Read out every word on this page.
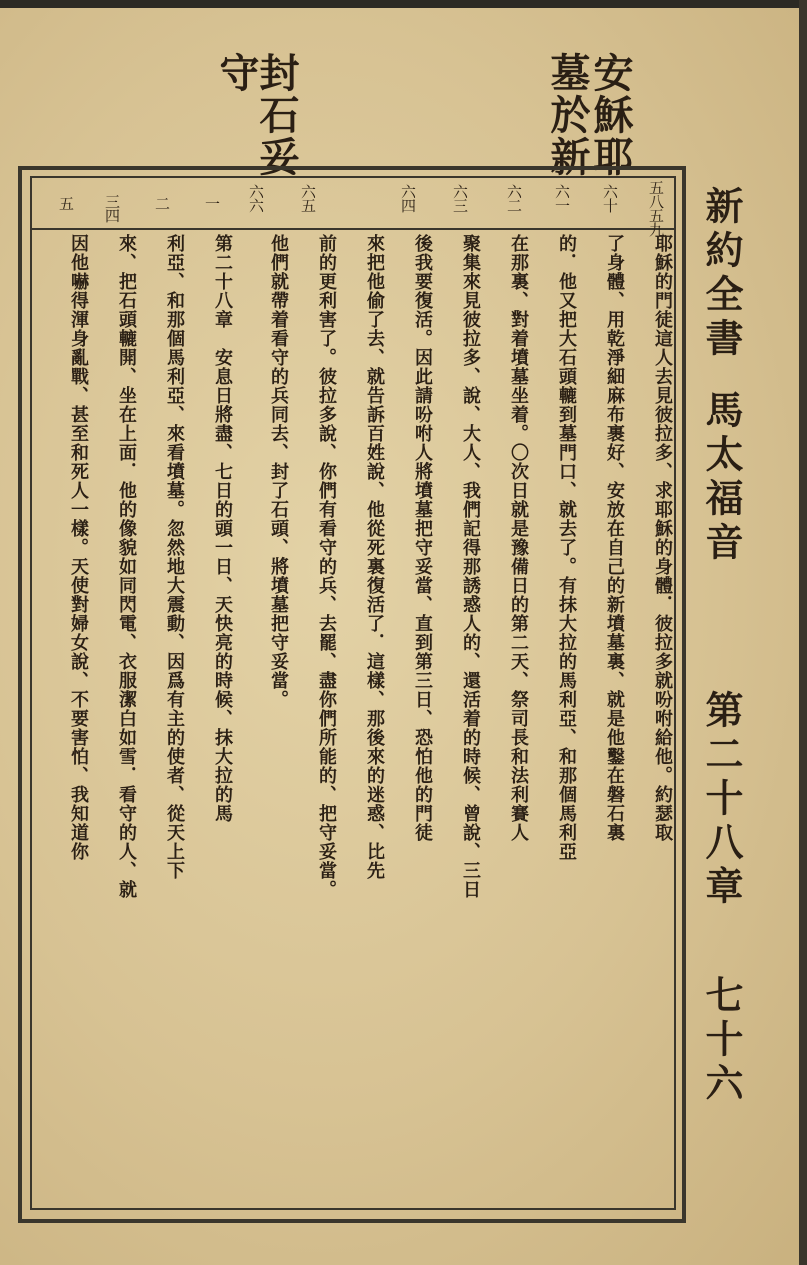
安穌耶
墓於新
封石妥
守
五八五九
六十
六一
六二
六三
六四
六五
六六
一
二
三四
五	新約全書
馬太福音
第二十八章
七十六
耶穌的門徒這人去見彼拉多、求耶穌的身體．彼拉多就吩咐給他。約瑟取
了身體、用乾淨細麻布裹好、安放在自己的新墳墓裏、就是他鑿在磐石裏
的．他又把大石頭轆到墓門口、就去了。有抹大拉的馬利亞、和那個馬利亞
在那裏、對着墳墓坐着。〇次日就是豫備日的第二天、祭司長和法利賽人
聚集來見彼拉多、說、大人、我們記得那誘惑人的、還活着的時候、曾說、三日
後我要復活。因此請吩咐人將墳墓把守妥當、直到第三日、恐怕他的門徒
來把他偷了去、就告訴百姓說、他從死裏復活了．這樣、那後來的迷惑、比先
前的更利害了。彼拉多說、你們有看守的兵、去罷、盡你們所能的、把守妥當。
他們就帶着看守的兵同去、封了石頭、將墳墓把守妥當。
第二十八章　安息日將盡、七日的頭一日、天快亮的時候、抹大拉的馬
利亞、和那個馬利亞、來看墳墓。忽然地大震動、因爲有主的使者、從天上下
來、把石頭轆開、坐在上面．他的像貌如同閃電、衣服潔白如雪．看守的人、就
因他嚇得渾身亂戰、甚至和死人一樣。天使對婦女說、不要害怕、我知道你
